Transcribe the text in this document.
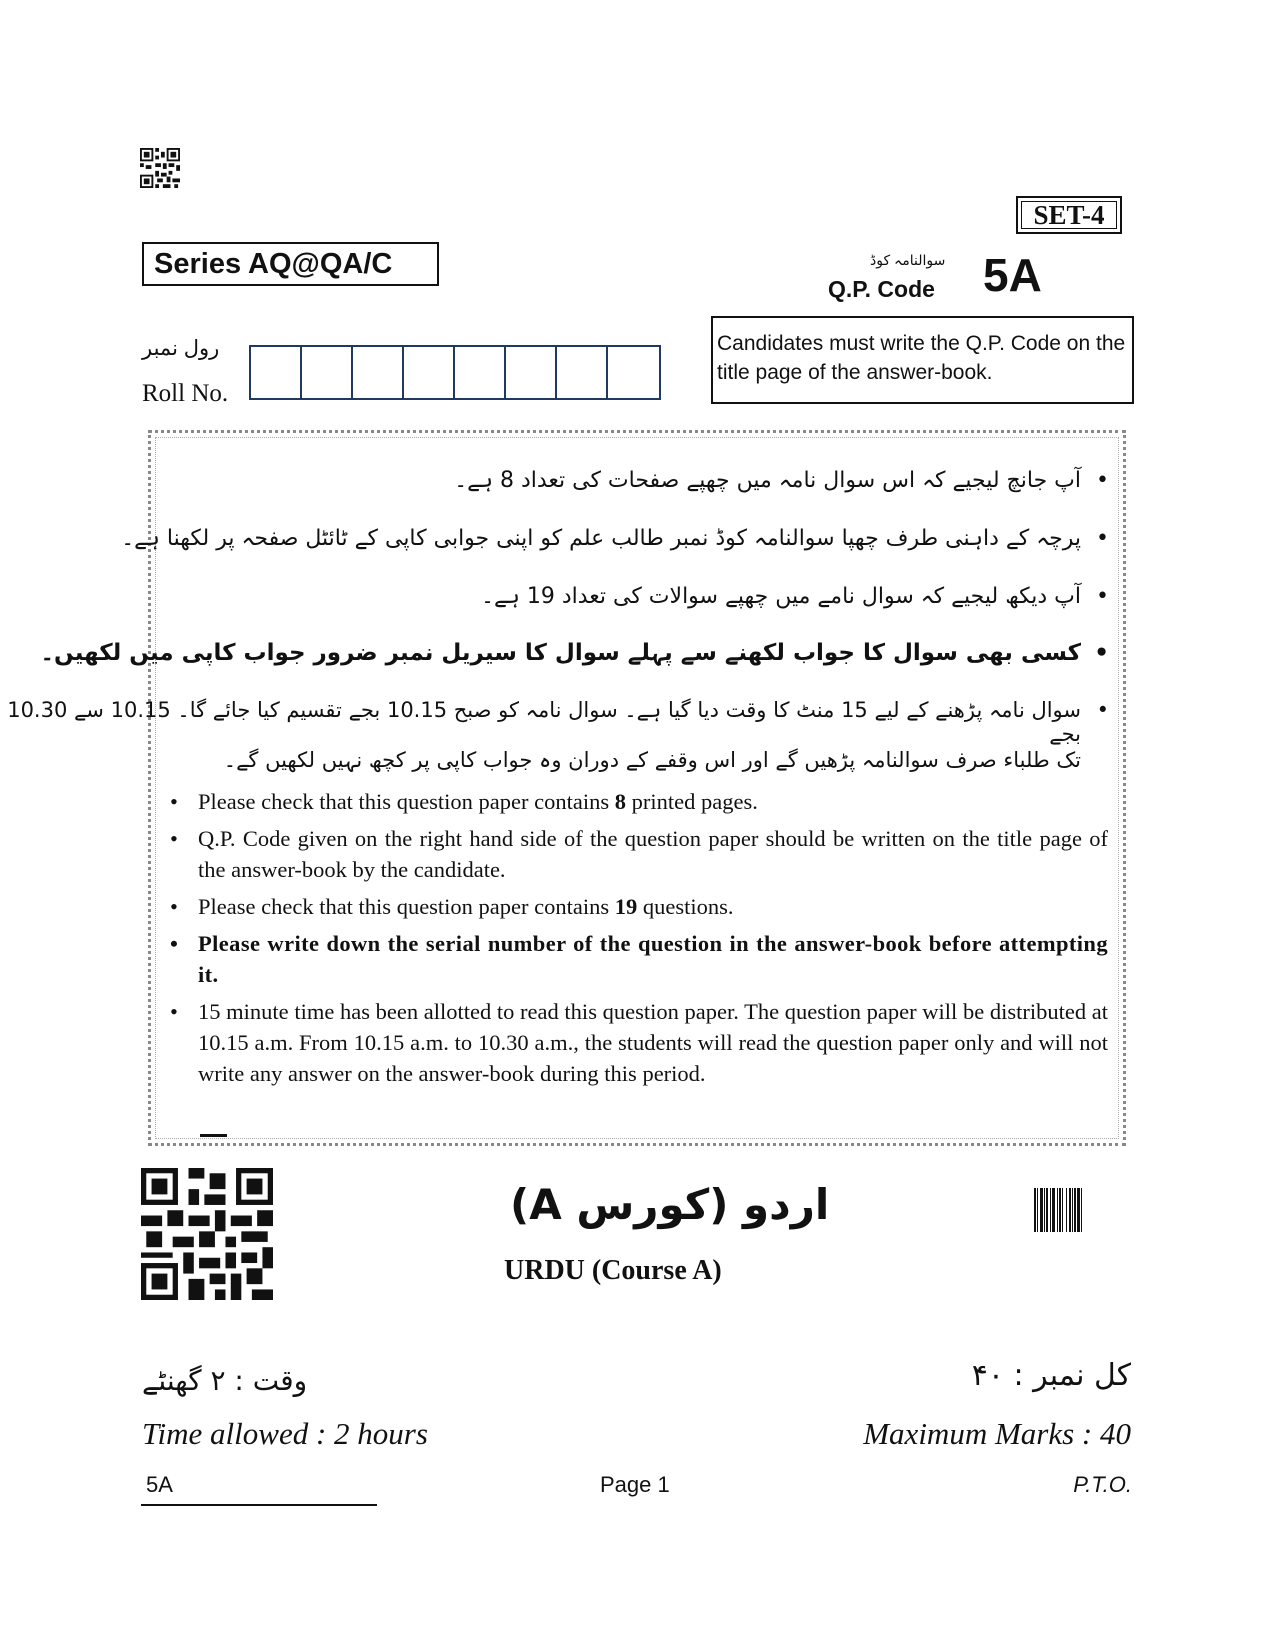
SET-4
Series AQ@QA/C	سوالنامہ کوڈ
Q.P. Code 5A
Candidates must write the Q.P. Code on the title page of the answer-book.
رول نمبر
Roll No.
•
آپ جانچ لیجیے کہ اس سوال نامہ میں چھپے صفحات کی تعداد 8 ہے۔
•
پرچہ کے داہنی طرف چھپا سوالنامہ کوڈ نمبر طالب علم کو اپنی جوابی کاپی کے ٹائٹل صفحہ پر لکھنا ہے۔
•
آپ دیکھ لیجیے کہ سوال نامے میں چھپے سوالات کی تعداد 19 ہے۔
•
کسی بھی سوال کا جواب لکھنے سے پہلے سوال کا سیریل نمبر ضرور جواب کاپی میں لکھیں۔
•
سوال نامہ پڑھنے کے لیے 15 منٹ کا وقت دیا گیا ہے۔ سوال نامہ کو صبح 10.15 بجے تقسیم کیا جائے گا۔ 10.15 سے 10.30 بجے
تک طلباء صرف سوالنامہ پڑھیں گے اور اس وقفے کے دوران وہ جواب کاپی پر کچھ نہیں لکھیں گے۔
• Please check that this question paper contains 8 printed pages.
• Q.P. Code given on the right hand side of the question paper should be written on the title page of the answer-book by the candidate.
• Please check that this question paper contains 19 questions.
• Please write down the serial number of the question in the answer-book before attempting it.
• 15 minute time has been allotted to read this question paper. The question paper will be distributed at 10.15 a.m. From 10.15 a.m. to 10.30 a.m., the students will read the question paper only and will not write any answer on the answer-book during this period.
اردو (کورس A)
URDU (Course A)
وقت : ۲ گھنٹے	کل نمبر : ۴۰
Time allowed : 2 hours	Maximum Marks : 40
5A	Page 1	P.T.O.
